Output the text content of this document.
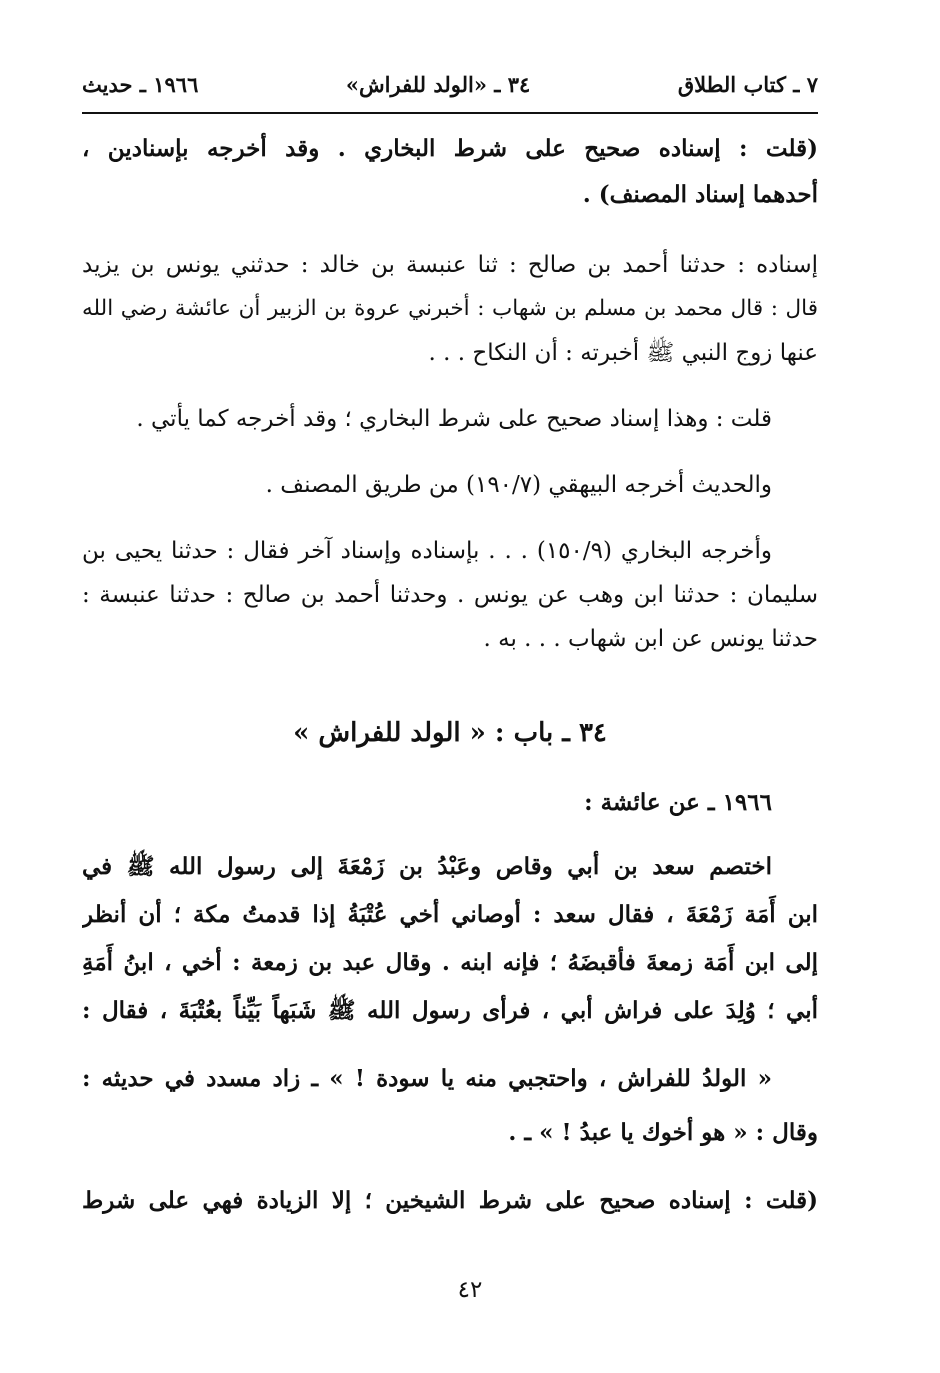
٧ ـ كتاب الطلاق
٣٤ ـ «الولد للفراش»
١٩٦٦ ـ حديث
(قلت : إسناده صحيح على شرط البخاري . وقد أخرجه بإسنادين ،
أحدهما إسناد المصنف) .
إسناده : حدثنا أحمد بن صالح : ثنا عنبسة بن خالد : حدثني يونس بن يزيد
قال : قال محمد بن مسلم بن شهاب : أخبرني عروة بن الزبير أن عائشة رضي الله
عنها زوج النبي ﷺ أخبرته : أن النكاح . . .
قلت : وهذا إسناد صحيح على شرط البخاري ؛ وقد أخرجه كما يأتي .
والحديث أخرجه البيهقي (١٩٠/٧) من طريق المصنف .
وأخرجه البخاري (١٥٠/٩) . . . بإسناده وإسناد آخر فقال : حدثنا يحيى بن
سليمان : حدثنا ابن وهب عن يونس . وحدثنا أحمد بن صالح : حدثنا عنبسة :
حدثنا يونس عن ابن شهاب . . . به .
٣٤ ـ باب : « الولد للفراش »
١٩٦٦ ـ عن عائشة :
اختصم سعد بن أبي وقاص وعَبْدُ بن زَمْعَةَ إلى رسول الله ﷺ في
ابن أَمَة زَمْعَةَ ، فقال سعد : أوصاني أخي عُتْبَةُ إذا قدمتُ مكة ؛ أن أنظر
إلى ابن أَمَة زمعةَ فأقبضَهُ ؛ فإنه ابنه . وقال عبد بن زمعة : أخي ، ابنُ أَمَةِ
أبي ؛ وُلِدَ على فراش أبي ، فرأى رسول الله ﷺ شَبَهاً بَيِّناً بعُتْبَةَ ، فقال :
« الولدُ للفراش ، واحتجبي منه يا سودة ! » ـ زاد مسدد في حديثه :
وقال : « هو أخوك يا عبدُ ! » ـ .
(قلت : إسناده صحيح على شرط الشيخين ؛ إلا الزيادة فهي على شرط
٤٢
